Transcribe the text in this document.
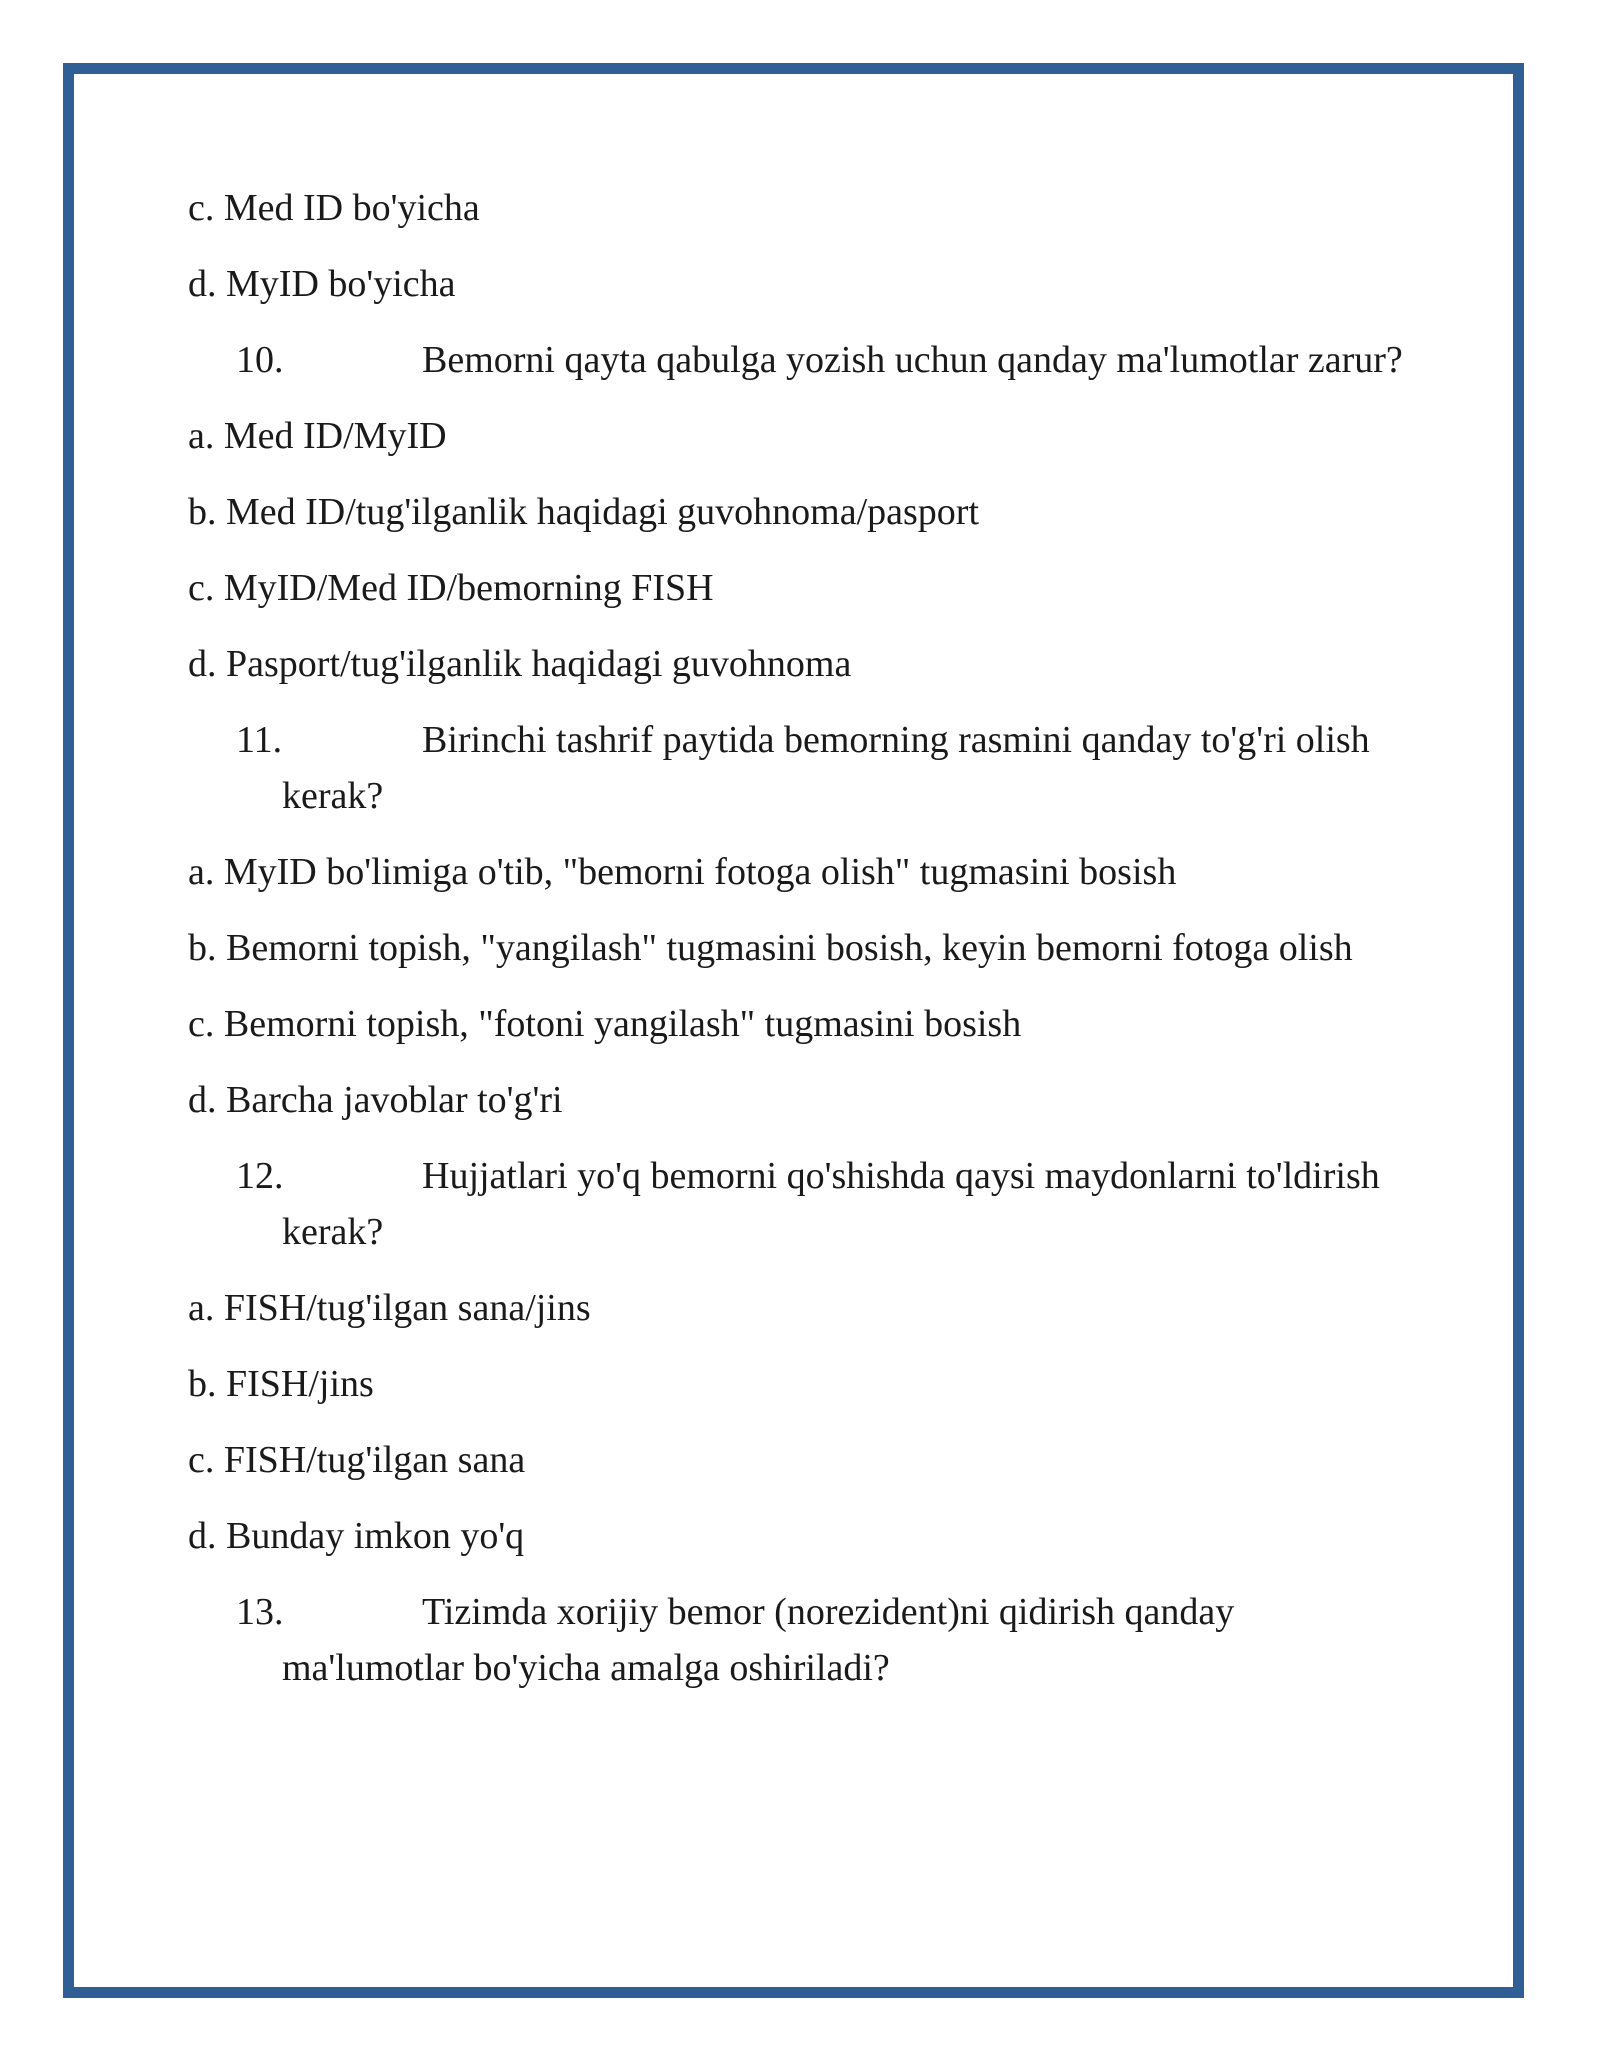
c. Med ID bo'yicha

d. MyID bo'yicha

10.	Bemorni qayta qabulga yozish uchun qanday ma'lumotlar zarur?

a. Med ID/MyID

b. Med ID/tug'ilganlik haqidagi guvohnoma/pasport

c. MyID/Med ID/bemorning FISH

d. Pasport/tug'ilganlik haqidagi guvohnoma

11.	Birinchi tashrif paytida bemorning rasmini qanday to'g'ri olish kerak?

a. MyID bo'limiga o'tib, "bemorni fotoga olish" tugmasini bosish

b. Bemorni topish, "yangilash" tugmasini bosish, keyin bemorni fotoga olish

c. Bemorni topish, "fotoni yangilash" tugmasini bosish

d. Barcha javoblar to'g'ri

12.	Hujjatlari yo'q bemorni qo'shishda qaysi maydonlarni to'ldirish kerak?

a. FISH/tug'ilgan sana/jins

b. FISH/jins

c. FISH/tug'ilgan sana

d. Bunday imkon yo'q

13.	Tizimda xorijiy bemor (norezident)ni qidirish qanday ma'lumotlar bo'yicha amalga oshiriladi?
